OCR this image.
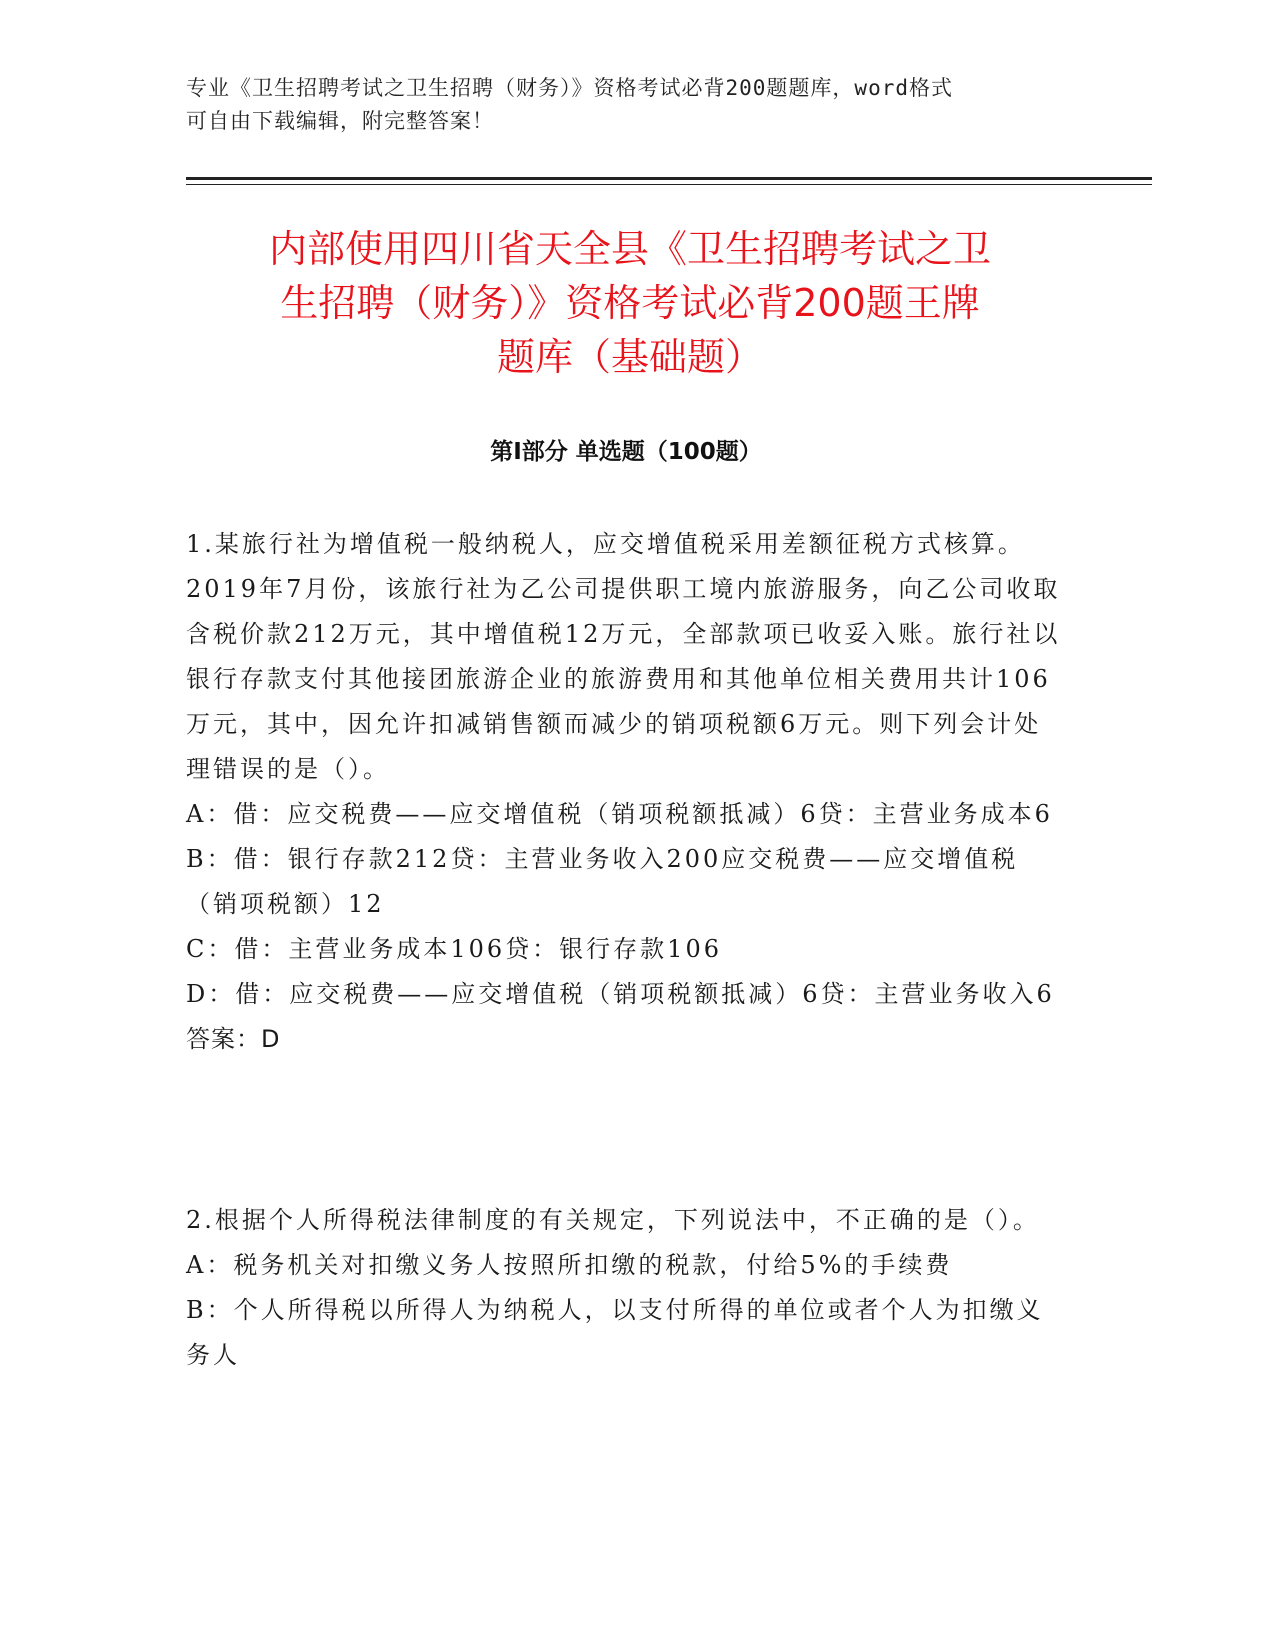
专业《卫生招聘考试之卫生招聘（财务）》资格考试必背200题题库，word格式
可自由下载编辑，附完整答案！
内部使用四川省天全县《卫生招聘考试之卫
生招聘（财务）》资格考试必背200题王牌
题库（基础题）
第Ⅰ部分 单选题（100题）

1.某旅行社为增值税一般纳税人，应交增值税采用差额征税方式核算。2019年7月份，该旅行社为乙公司提供职工境内旅游服务，向乙公司收取含税价款212万元，其中增值税12万元，全部款项已收妥入账。旅行社以银行存款支付其他接团旅游企业的旅游费用和其他单位相关费用共计106万元，其中，因允许扣减销售额而减少的销项税额6万元。则下列会计处理错误的是（）。

A：借：应交税费——应交增值税（销项税额抵减）6贷：主营业务成本6

B：借：银行存款212贷：主营业务收入200应交税费——应交增值税（销项税额）12

C：借：主营业务成本106贷：银行存款106

D：借：应交税费——应交增值税（销项税额抵减）6贷：主营业务收入6

答案：D

2.根据个人所得税法律制度的有关规定，下列说法中，不正确的是（）。

A：税务机关对扣缴义务人按照所扣缴的税款，付给5%的手续费

B：个人所得税以所得人为纳税人，以支付所得的单位或者个人为扣缴义务人
